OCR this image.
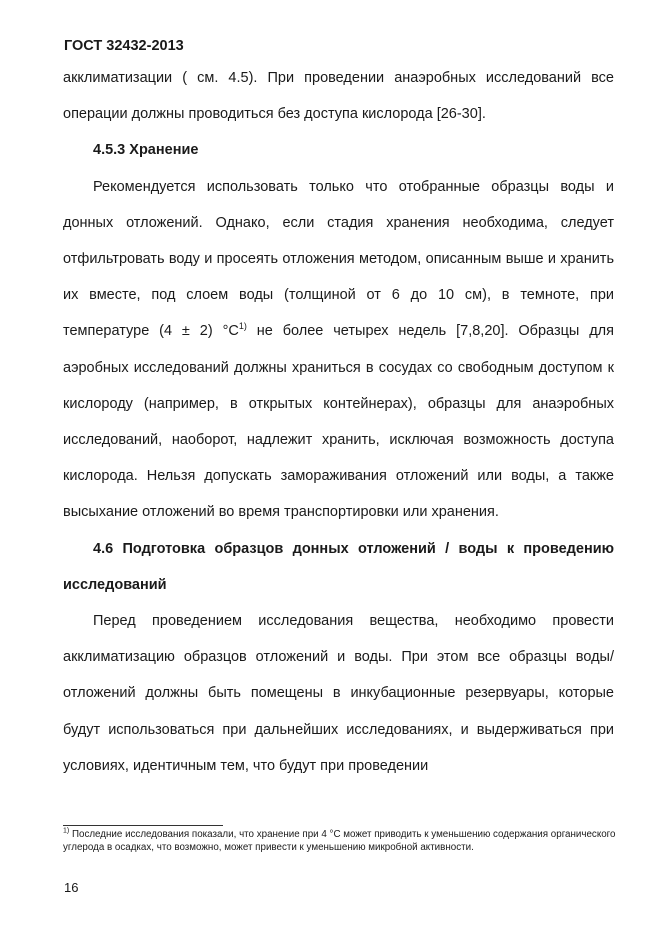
ГОСТ 32432-2013

акклиматизации ( см. 4.5). При проведении анаэробных исследований все операции должны проводиться без доступа кислорода [26-30].

4.5.3 Хранение

Рекомендуется использовать только что отобранные образцы воды и донных отложений. Однако, если стадия хранения необходима, следует отфильтровать воду и просеять отложения методом, описанным выше и хранить их вместе, под слоем воды (толщиной от 6 до 10 см), в темноте, при температуре (4 ± 2) $^\circ С^{1)}$ не более четырех недель [7,8,20]. Образцы для аэробных исследований должны храниться в сосудах со свободным доступом к кислороду (например, в открытых контейнерах), образцы для анаэробных исследований, наоборот, надлежит хранить, исключая возможность доступа кислорода. Нельзя допускать замораживания отложений или воды, а также высыхание отложений во время транспортировки или хранения.

4.6 Подготовка образцов донных отложений / воды к проведению исследований

Перед проведением исследования вещества, необходимо провести акклиматизацию образцов отложений и воды. При этом все образцы воды/отложений должны быть помещены в инкубационные резервуары, которые будут использоваться при дальнейших исследованиях, и выдерживаться при условиях, идентичным тем, что будут при проведении

$^{1)}$ Последние исследования показали, что хранение при 4 °С может приводить к уменьшению содержания органического углерода в осадках, что возможно, может привести к уменьшению микробной активности.
16
